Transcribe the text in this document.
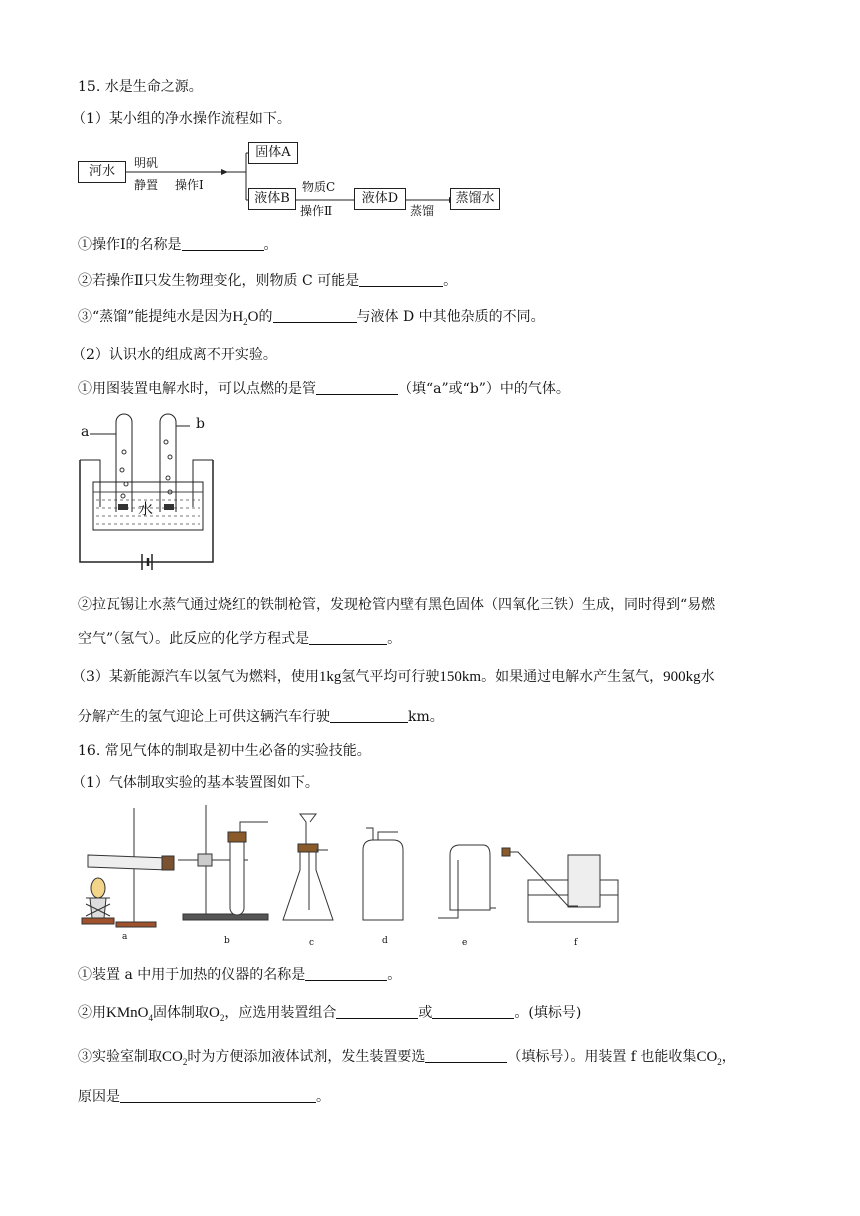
15. 水是生命之源。
（1）某小组的净水操作流程如下。
河水
明矾
静置 操作Ⅰ
固体A
液体B
物质C
操作Ⅱ
液体D
蒸馏
蒸馏水
①操作Ⅰ的名称是	。
②若操作Ⅱ只发生物理变化，则物质 C 可能是	。
③“蒸馏”能提纯水是因为$H_2O$的	与液体 D 中其他杂质的不同。
（2）认识水的组成离不开实验。
①用图装置电解水时，可以点燃的是管	（填“a”或“b”）中的气体。
a	b
水
②拉瓦锡让水蒸气通过烧红的铁制枪管，发现枪管内壁有黑色固体（四氧化三铁）生成，同时得到“易燃
空气”（氢气）。此反应的化学方程式是	。
（3）某新能源汽车以氢气为燃料，使用1kg氢气平均可行驶150km。如果通过电解水产生氢气，900kg水
分解产生的氢气迎论上可供这辆汽车行驶	km。
16. 常见气体的制取是初中生必备的实验技能。
（1）气体制取实验的基本装置图如下。
a	b	c	d	e	f
①装置 a 中用于加热的仪器的名称是	。
②用KMnO$_4$固体制取$O_2$，应选用装置组合	或	。(填标号)
③实验室制取$CO_2$时为方便添加液体试剂，发生装置要选	（填标号）。用装置 f 也能收集$CO_2$，
原因是	。
